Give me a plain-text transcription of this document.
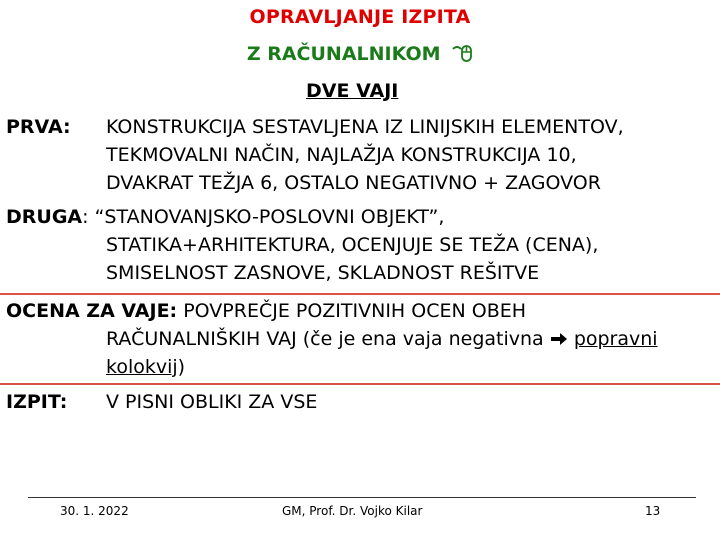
OPRAVLJANJE IZPITA
Z RAČUNALNIKOM
DVE VAJI
PRVA: KONSTRUKCIJA SESTAVLJENA IZ LINIJSKIH ELEMENTOV,
TEKMOVALNI NAČIN, NAJLAŽJA KONSTRUKCIJA 10,
DVAKRAT TEŽJA 6, OSTALO NEGATIVNO + ZAGOVOR
DRUGA: “STANOVANJSKO-POSLOVNI OBJEKT”,
STATIKA+ARHITEKTURA, OCENJUJE SE TEŽA (CENA),
SMISELNOST ZASNOVE, SKLADNOST REŠITVE
OCENA ZA VAJE: POVPREČJE POZITIVNIH OCEN OBEH
RAČUNALNIŠKIH VAJ (če je ena vaja negativna popravni
kolokvij)
IZPIT: V PISNI OBLIKI ZA VSE
30. 1. 2022	GM, Prof. Dr. Vojko Kilar	13
